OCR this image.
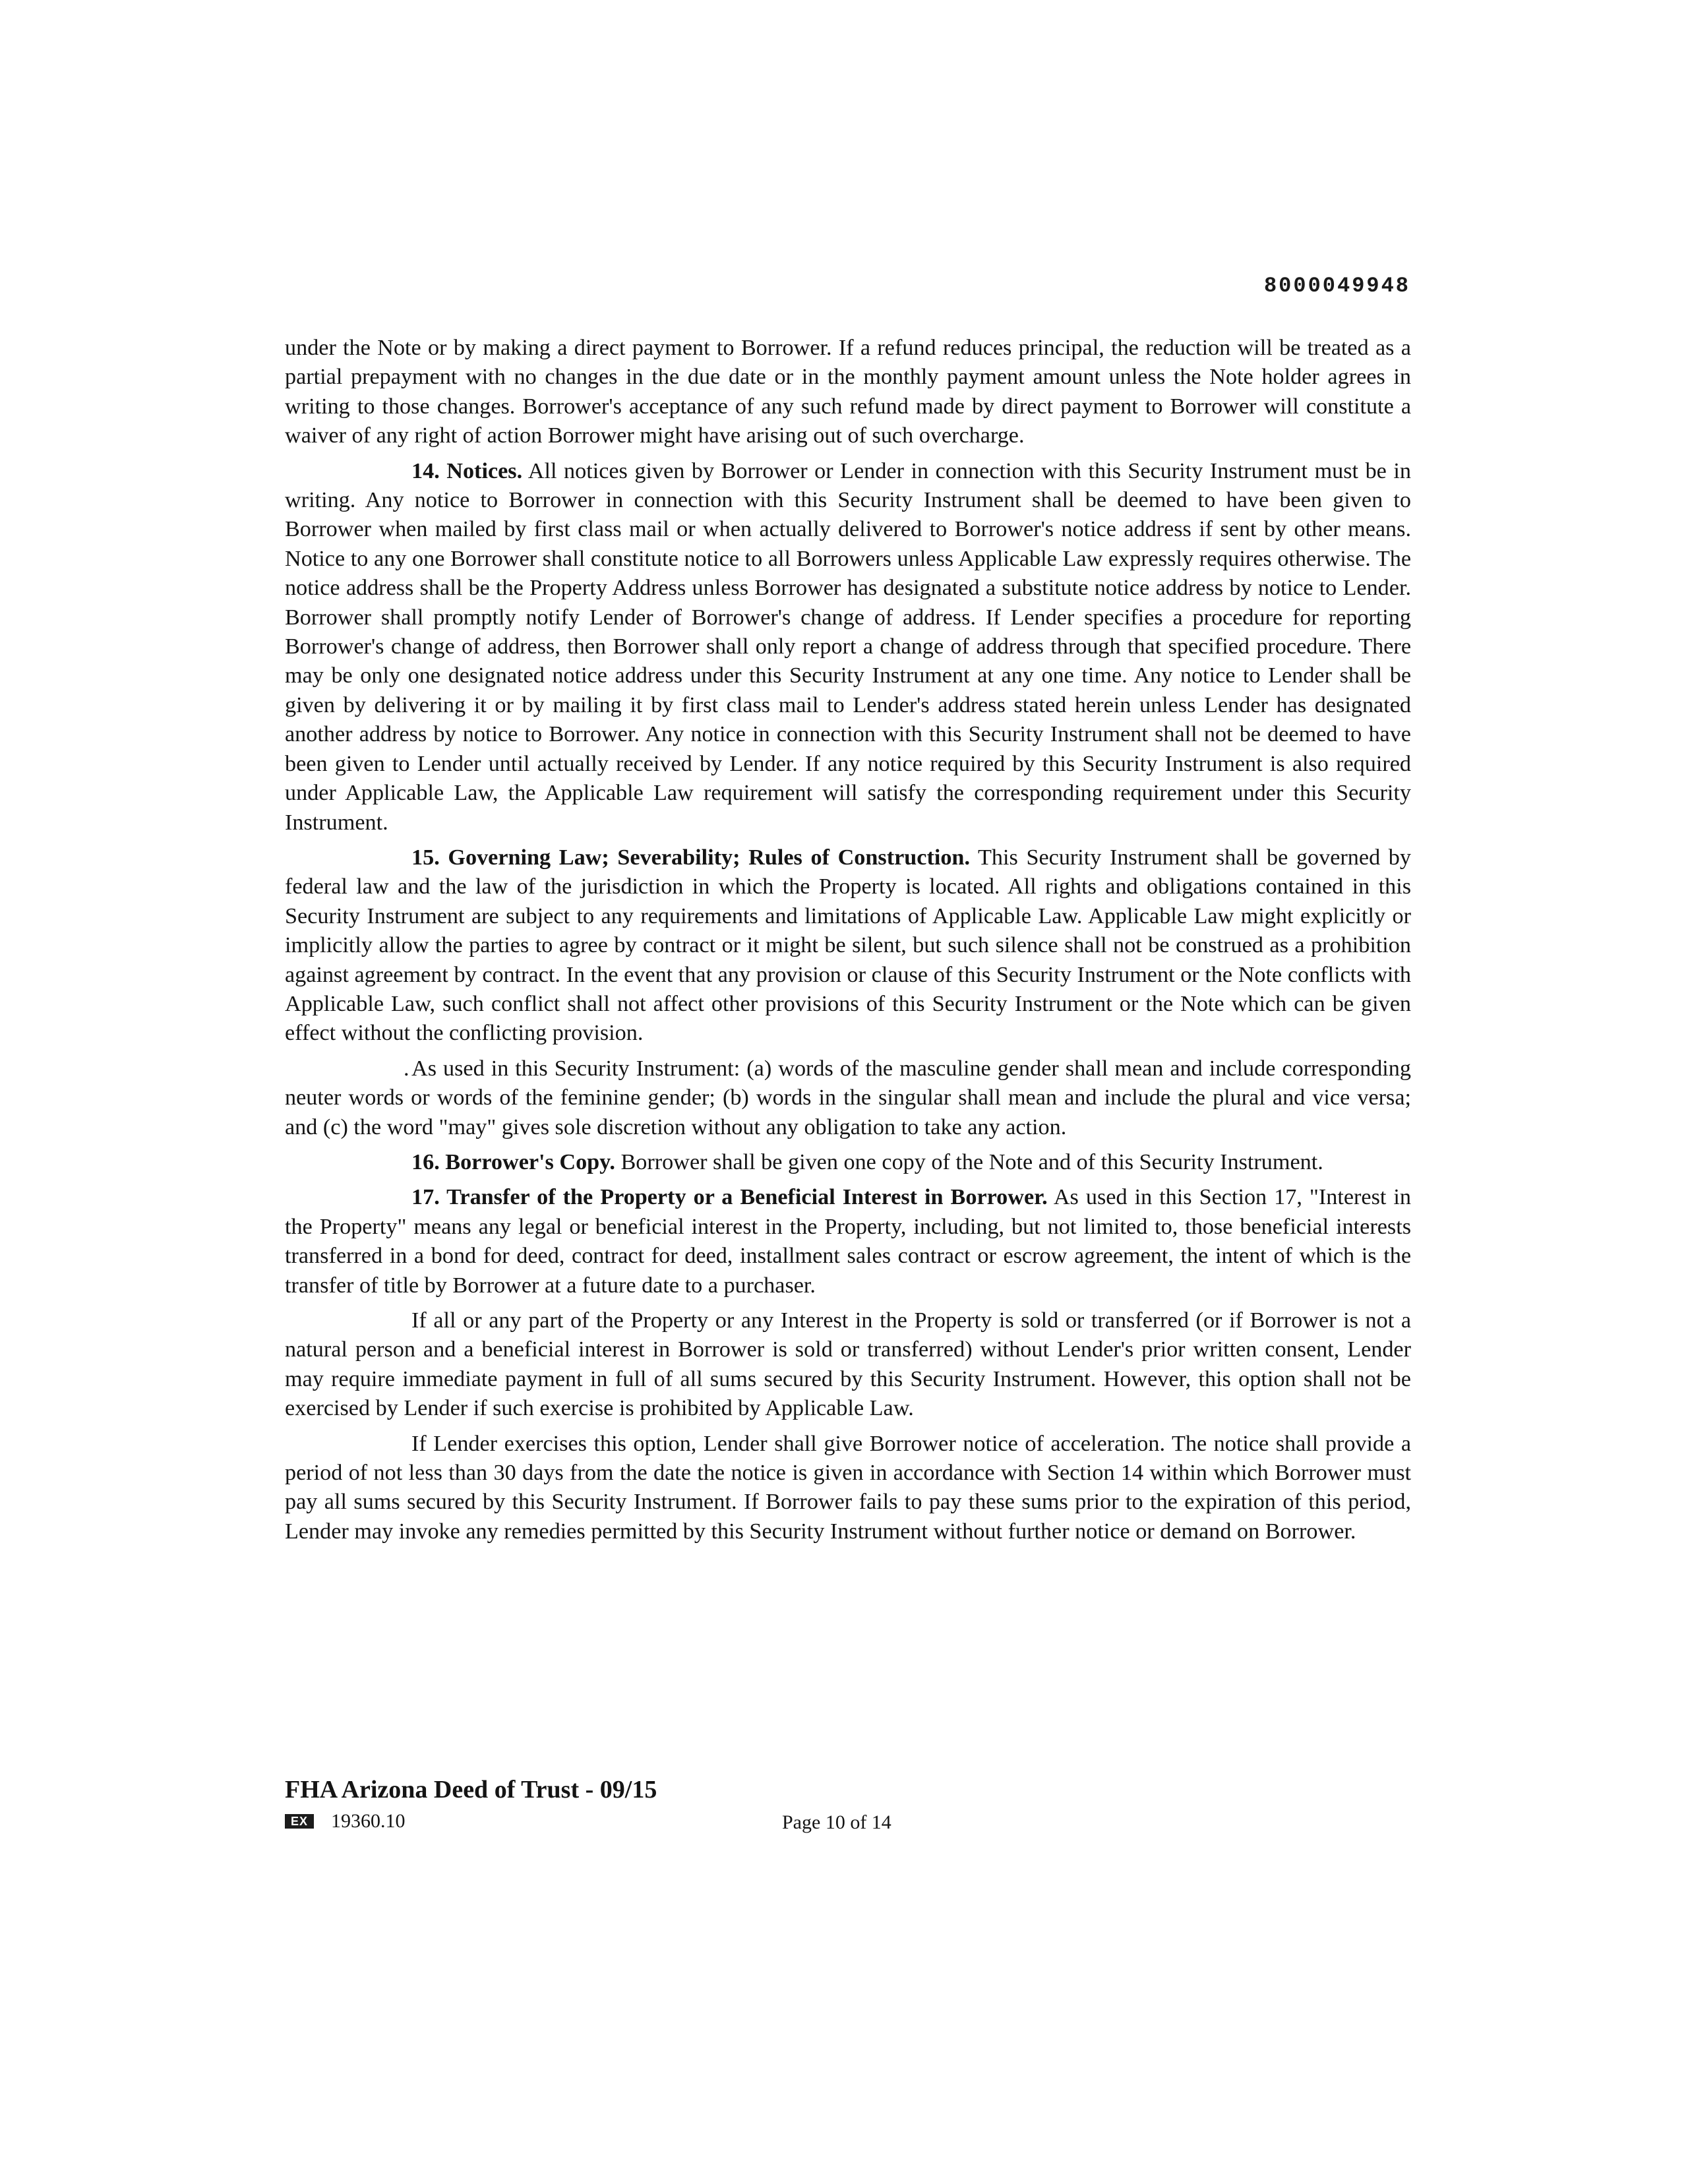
8000049948

under the Note or by making a direct payment to Borrower. If a refund reduces principal, the reduction will be treated as a partial prepayment with no changes in the due date or in the monthly payment amount unless the Note holder agrees in writing to those changes. Borrower's acceptance of any such refund made by direct payment to Borrower will constitute a waiver of any right of action Borrower might have arising out of such overcharge.

14. Notices. All notices given by Borrower or Lender in connection with this Security Instrument must be in writing. Any notice to Borrower in connection with this Security Instrument shall be deemed to have been given to Borrower when mailed by first class mail or when actually delivered to Borrower's notice address if sent by other means. Notice to any one Borrower shall constitute notice to all Borrowers unless Applicable Law expressly requires otherwise. The notice address shall be the Property Address unless Borrower has designated a substitute notice address by notice to Lender. Borrower shall promptly notify Lender of Borrower's change of address. If Lender specifies a procedure for reporting Borrower's change of address, then Borrower shall only report a change of address through that specified procedure. There may be only one designated notice address under this Security Instrument at any one time. Any notice to Lender shall be given by delivering it or by mailing it by first class mail to Lender's address stated herein unless Lender has designated another address by notice to Borrower. Any notice in connection with this Security Instrument shall not be deemed to have been given to Lender until actually received by Lender. If any notice required by this Security Instrument is also required under Applicable Law, the Applicable Law requirement will satisfy the corresponding requirement under this Security Instrument.

15. Governing Law; Severability; Rules of Construction. This Security Instrument shall be governed by federal law and the law of the jurisdiction in which the Property is located. All rights and obligations contained in this Security Instrument are subject to any requirements and limitations of Applicable Law. Applicable Law might explicitly or implicitly allow the parties to agree by contract or it might be silent, but such silence shall not be construed as a prohibition against agreement by contract. In the event that any provision or clause of this Security Instrument or the Note conflicts with Applicable Law, such conflict shall not affect other provisions of this Security Instrument or the Note which can be given effect without the conflicting provision.

. As used in this Security Instrument: (a) words of the masculine gender shall mean and include corresponding neuter words or words of the feminine gender; (b) words in the singular shall mean and include the plural and vice versa; and (c) the word "may" gives sole discretion without any obligation to take any action.

16. Borrower's Copy. Borrower shall be given one copy of the Note and of this Security Instrument.

17. Transfer of the Property or a Beneficial Interest in Borrower. As used in this Section 17, "Interest in the Property" means any legal or beneficial interest in the Property, including, but not limited to, those beneficial interests transferred in a bond for deed, contract for deed, installment sales contract or escrow agreement, the intent of which is the transfer of title by Borrower at a future date to a purchaser.

If all or any part of the Property or any Interest in the Property is sold or transferred (or if Borrower is not a natural person and a beneficial interest in Borrower is sold or transferred) without Lender's prior written consent, Lender may require immediate payment in full of all sums secured by this Security Instrument. However, this option shall not be exercised by Lender if such exercise is prohibited by Applicable Law.

If Lender exercises this option, Lender shall give Borrower notice of acceleration. The notice shall provide a period of not less than 30 days from the date the notice is given in accordance with Section 14 within which Borrower must pay all sums secured by this Security Instrument. If Borrower fails to pay these sums prior to the expiration of this period, Lender may invoke any remedies permitted by this Security Instrument without further notice or demand on Borrower.

FHA Arizona Deed of Trust - 09/15
EX	19360.10	Page 10 of 14
